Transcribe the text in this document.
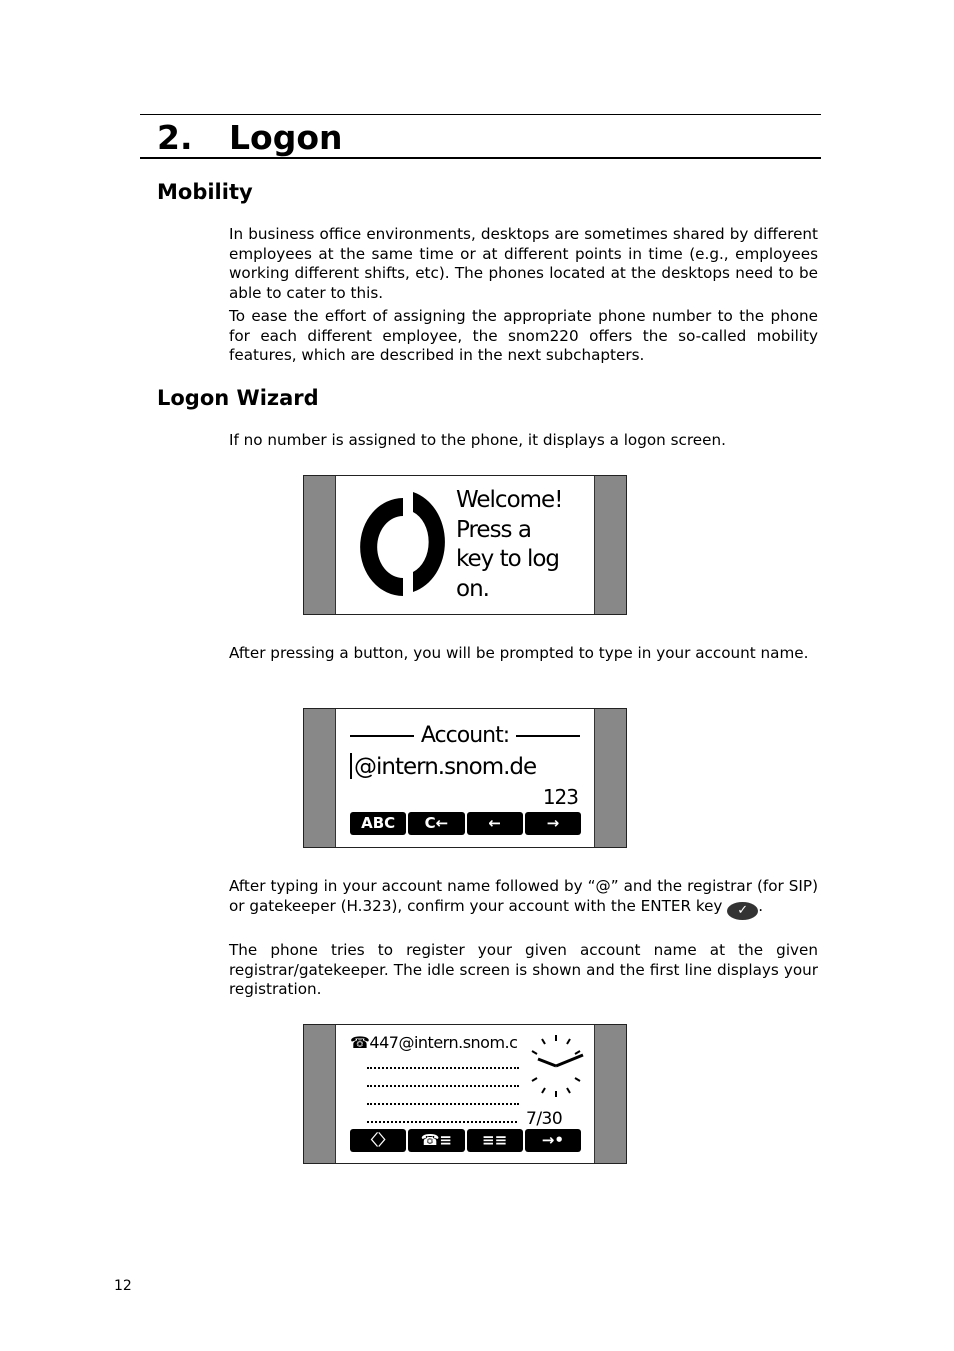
2. Logon
Mobility

In business office environments, desktops are sometimes shared by different employees at the same time or at different points in time (e.g., employees working different shifts, etc). The phones located at the desktops need to be able to cater to this.

To ease the effort of assigning the appropriate phone number to the phone for each different employee, the snom220 offers the so-called mobility features, which are described in the next subchapters.

Logon Wizard

If no number is assigned to the phone, it displays a logon screen.

Welcome!
Press a
key to log
on.

After pressing a button, you will be prompted to type in your account name.

Account:
@intern.snom.de
123
ABC	C←	←	→

After typing in your account name followed by “@” and the registrar (for SIP) or gatekeeper (H.323), confirm your account with the ENTER key ✓ .

The phone tries to register your given account name at the given registrar/gatekeeper. The idle screen is shown and the first line displays your registration.

☎447@intern.snom.c
7/30
〈〉	☎≡	≡≡	→•
12
